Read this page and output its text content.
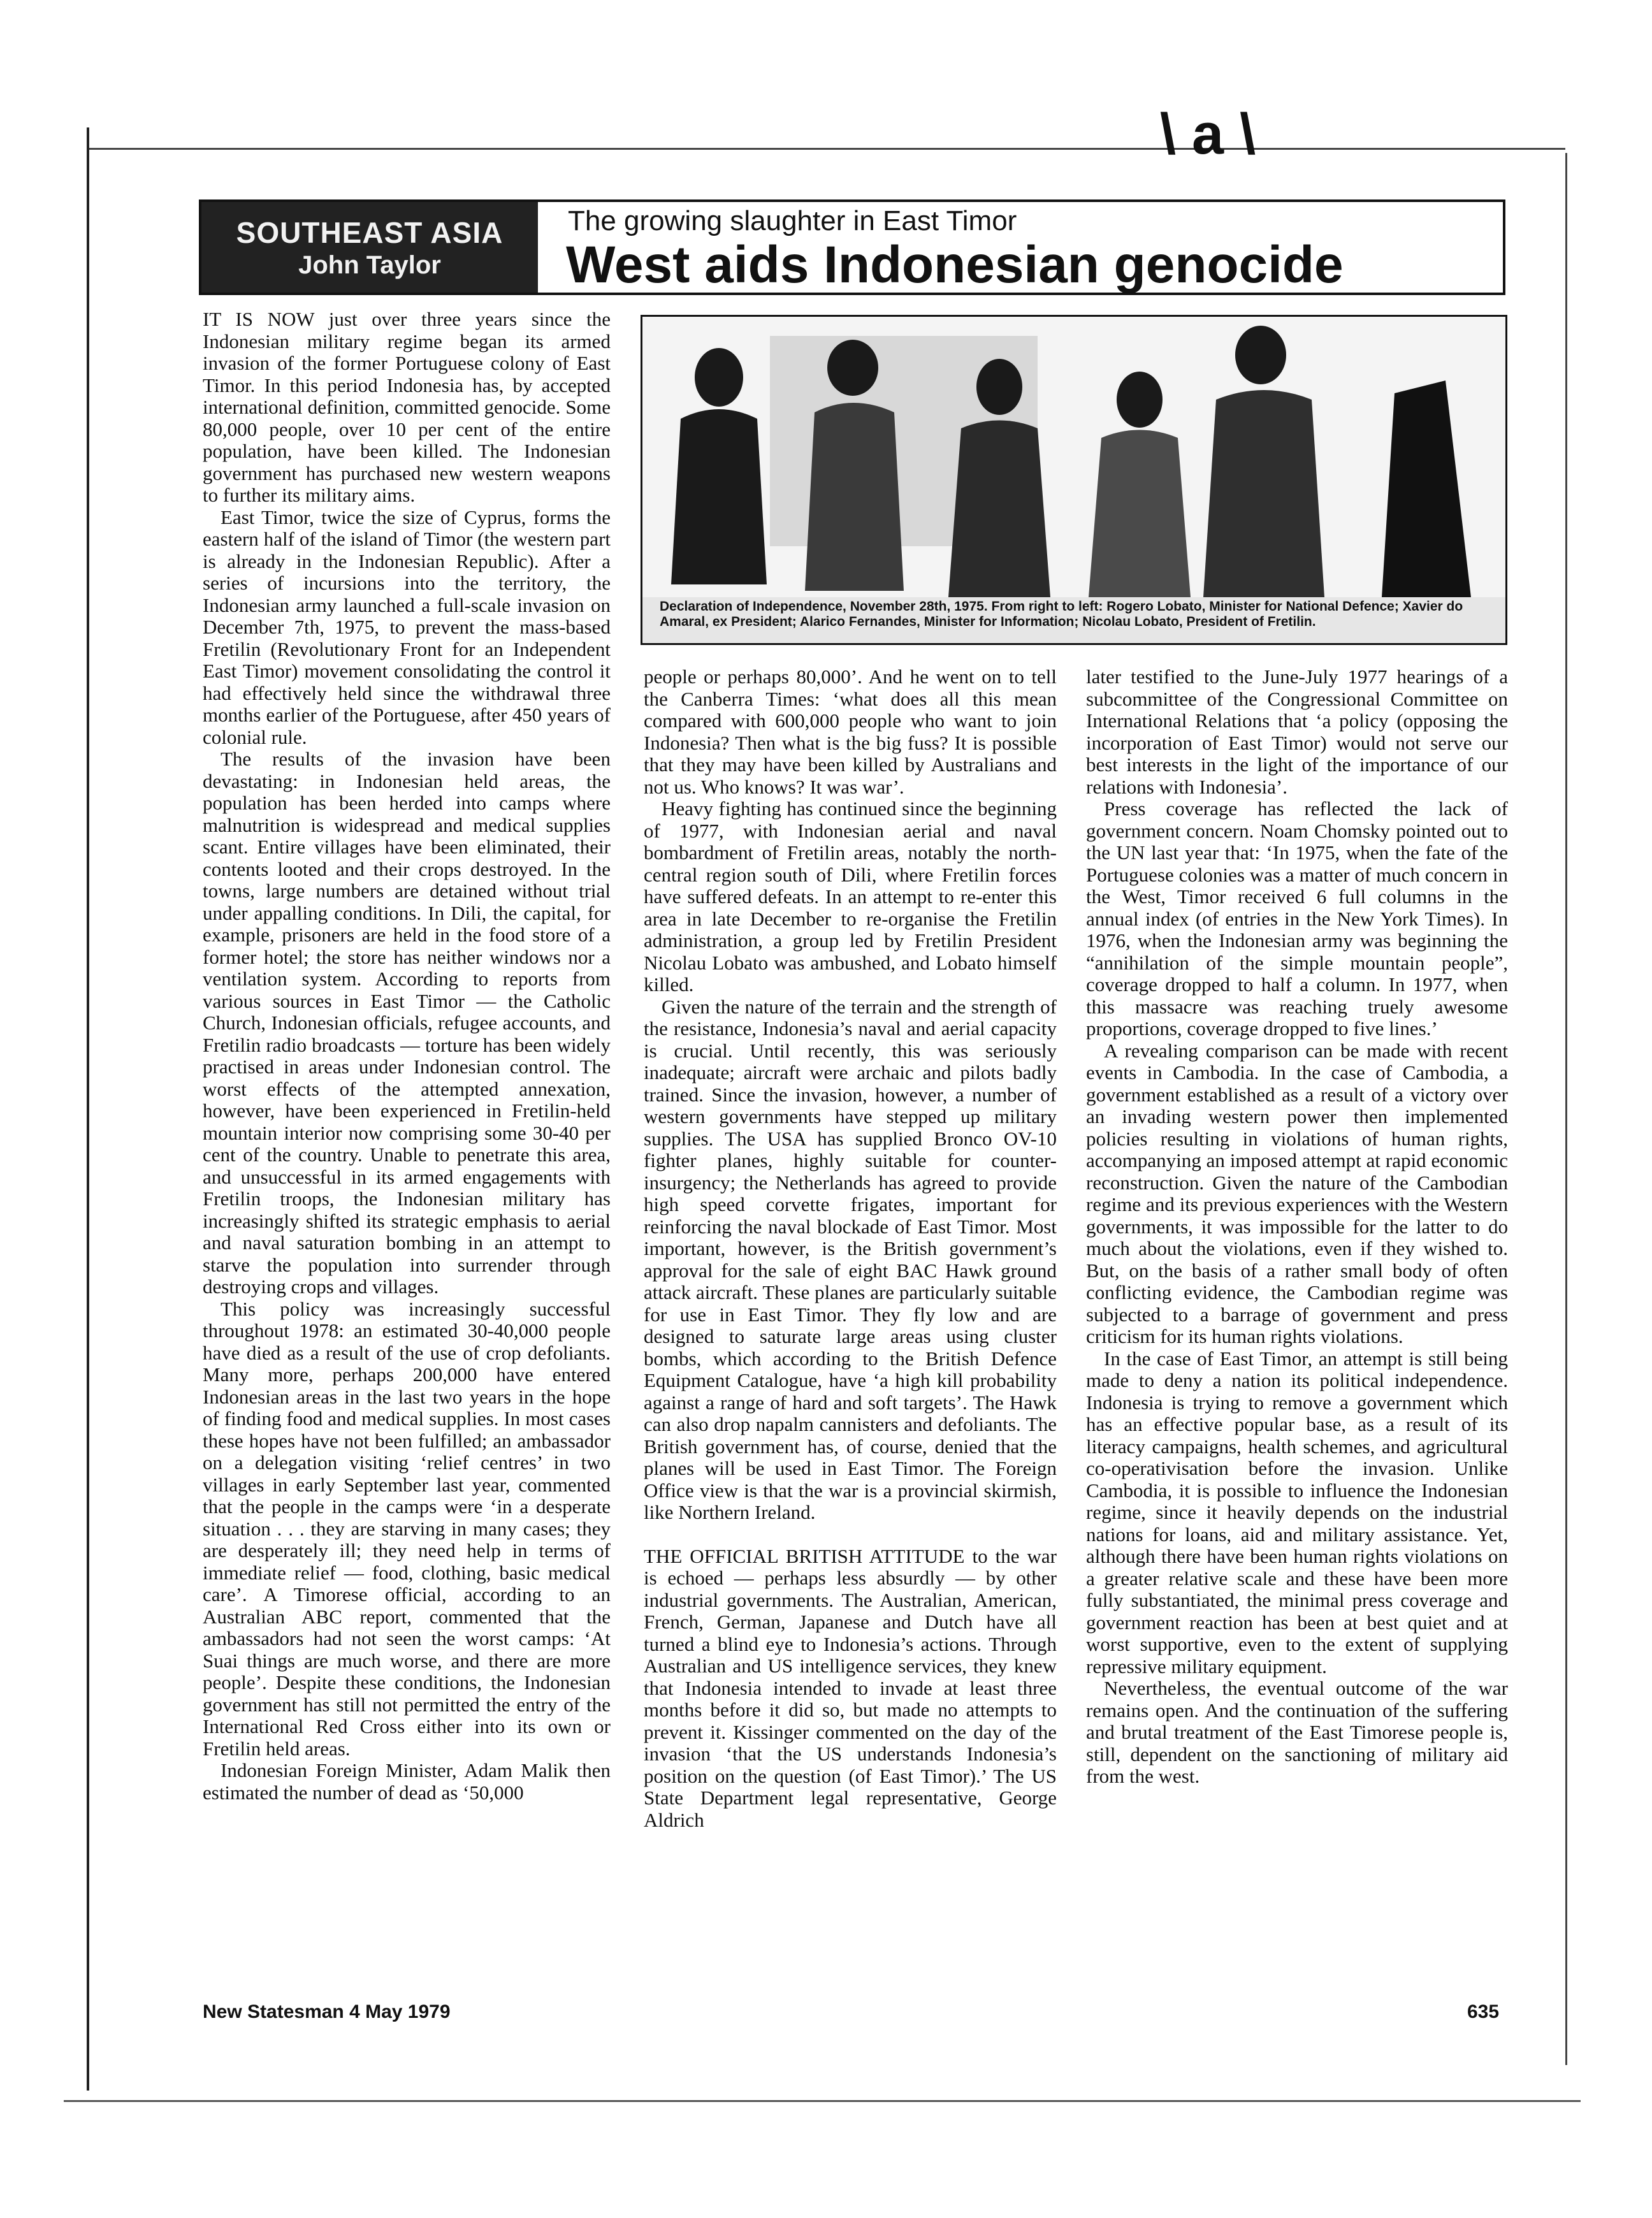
\ a \
SOUTHEAST ASIA
John Taylor
The growing slaughter in East Timor
West aids Indonesian genocide

IT IS NOW just over three years since the Indonesian military regime began its armed invasion of the former Portuguese colony of East Timor. In this period Indonesia has, by accepted international definition, committed genocide. Some 80,000 people, over 10 per cent of the entire population, have been killed. The Indonesian government has purchased new western weapons to further its military aims.

East Timor, twice the size of Cyprus, forms the eastern half of the island of Timor (the western part is already in the Indonesian Republic). After a series of incursions into the territory, the Indonesian army launched a full-scale invasion on December 7th, 1975, to prevent the mass-based Fretilin (Revolutionary Front for an Independent East Timor) movement consolidating the control it had effectively held since the withdrawal three months earlier of the Portuguese, after 450 years of colonial rule.

The results of the invasion have been devastating: in Indonesian held areas, the population has been herded into camps where malnutrition is widespread and medical supplies scant. Entire villages have been eliminated, their contents looted and their crops destroyed. In the towns, large numbers are detained without trial under appalling conditions. In Dili, the capital, for example, prisoners are held in the food store of a former hotel; the store has neither windows nor a ventilation system. According to reports from various sources in East Timor — the Catholic Church, Indonesian officials, refugee accounts, and Fretilin radio broadcasts — torture has been widely practised in areas under Indonesian control. The worst effects of the attempted annexation, however, have been experienced in Fretilin-held mountain interior now comprising some 30-40 per cent of the country. Unable to penetrate this area, and unsuccessful in its armed engagements with Fretilin troops, the Indonesian military has increasingly shifted its strategic emphasis to aerial and naval saturation bombing in an attempt to starve the population into surrender through destroying crops and villages.

This policy was increasingly successful throughout 1978: an estimated 30-40,000 people have died as a result of the use of crop defoliants. Many more, perhaps 200,000 have entered Indonesian areas in the last two years in the hope of finding food and medical supplies. In most cases these hopes have not been fulfilled; an ambassador on a delegation visiting ‘relief centres’ in two villages in early September last year, commented that the people in the camps were ‘in a desperate situation . . . they are starving in many cases; they are desperately ill; they need help in terms of immediate relief — food, clothing, basic medical care’. A Timorese official, according to an Australian ABC report, commented that the ambassadors had not seen the worst camps: ‘At Suai things are much worse, and there are more people’. Despite these conditions, the Indonesian government has still not permitted the entry of the International Red Cross either into its own or Fretilin held areas.

Indonesian Foreign Minister, Adam Malik then estimated the number of dead as ‘50,000

Declaration of Independence, November 28th, 1975. From right to left: Rogero Lobato, Minister for National Defence; Xavier do Amaral, ex President; Alarico Fernandes, Minister for Information; Nicolau Lobato, President of Fretilin.

people or perhaps 80,000’. And he went on to tell the Canberra Times: ‘what does all this mean compared with 600,000 people who want to join Indonesia? Then what is the big fuss? It is possible that they may have been killed by Australians and not us. Who knows? It was war’.

Heavy fighting has continued since the beginning of 1977, with Indonesian aerial and naval bombardment of Fretilin areas, notably the north-central region south of Dili, where Fretilin forces have suffered defeats. In an attempt to re-enter this area in late December to re-organise the Fretilin administration, a group led by Fretilin President Nicolau Lobato was ambushed, and Lobato himself killed.

Given the nature of the terrain and the strength of the resistance, Indonesia’s naval and aerial capacity is crucial. Until recently, this was seriously inadequate; aircraft were archaic and pilots badly trained. Since the invasion, however, a number of western governments have stepped up military supplies. The USA has supplied Bronco OV-10 fighter planes, highly suitable for counter-insurgency; the Netherlands has agreed to provide high speed corvette frigates, important for reinforcing the naval blockade of East Timor. Most important, however, is the British government’s approval for the sale of eight BAC Hawk ground attack aircraft. These planes are particularly suitable for use in East Timor. They fly low and are designed to saturate large areas using cluster bombs, which according to the British Defence Equipment Catalogue, have ‘a high kill probability against a range of hard and soft targets’. The Hawk can also drop napalm cannisters and defoliants. The British government has, of course, denied that the planes will be used in East Timor. The Foreign Office view is that the war is a provincial skirmish, like Northern Ireland.

THE OFFICIAL BRITISH ATTITUDE to the war is echoed — perhaps less absurdly — by other industrial governments. The Australian, American, French, German, Japanese and Dutch have all turned a blind eye to Indonesia’s actions. Through Australian and US intelligence services, they knew that Indonesia intended to invade at least three months before it did so, but made no attempts to prevent it. Kissinger commented on the day of the invasion ‘that the US understands Indonesia’s position on the question (of East Timor).’ The US State Department legal representative, George Aldrich

later testified to the June-July 1977 hearings of a subcommittee of the Congressional Committee on International Relations that ‘a policy (opposing the incorporation of East Timor) would not serve our best interests in the light of the importance of our relations with Indonesia’.

Press coverage has reflected the lack of government concern. Noam Chomsky pointed out to the UN last year that: ‘In 1975, when the fate of the Portuguese colonies was a matter of much concern in the West, Timor received 6 full columns in the annual index (of entries in the New York Times). In 1976, when the Indonesian army was beginning the “annihilation of the simple mountain people”, coverage dropped to half a column. In 1977, when this massacre was reaching truely awesome proportions, coverage dropped to five lines.’

A revealing comparison can be made with recent events in Cambodia. In the case of Cambodia, a government established as a result of a victory over an invading western power then implemented policies resulting in violations of human rights, accompanying an imposed attempt at rapid economic reconstruction. Given the nature of the Cambodian regime and its previous experiences with the Western governments, it was impossible for the latter to do much about the violations, even if they wished to. But, on the basis of a rather small body of often conflicting evidence, the Cambodian regime was subjected to a barrage of government and press criticism for its human rights violations.

In the case of East Timor, an attempt is still being made to deny a nation its political independence. Indonesia is trying to remove a government which has an effective popular base, as a result of its literacy campaigns, health schemes, and agricultural co-operativisation before the invasion. Unlike Cambodia, it is possible to influence the Indonesian regime, since it heavily depends on the industrial nations for loans, aid and military assistance. Yet, although there have been human rights violations on a greater relative scale and these have been more fully substantiated, the minimal press coverage and government reaction has been at best quiet and at worst supportive, even to the extent of supplying repressive military equipment.

Nevertheless, the eventual outcome of the war remains open. And the continuation of the suffering and brutal treatment of the East Timorese people is, still, dependent on the sanctioning of military aid from the west.

New Statesman 4 May 1979	635
